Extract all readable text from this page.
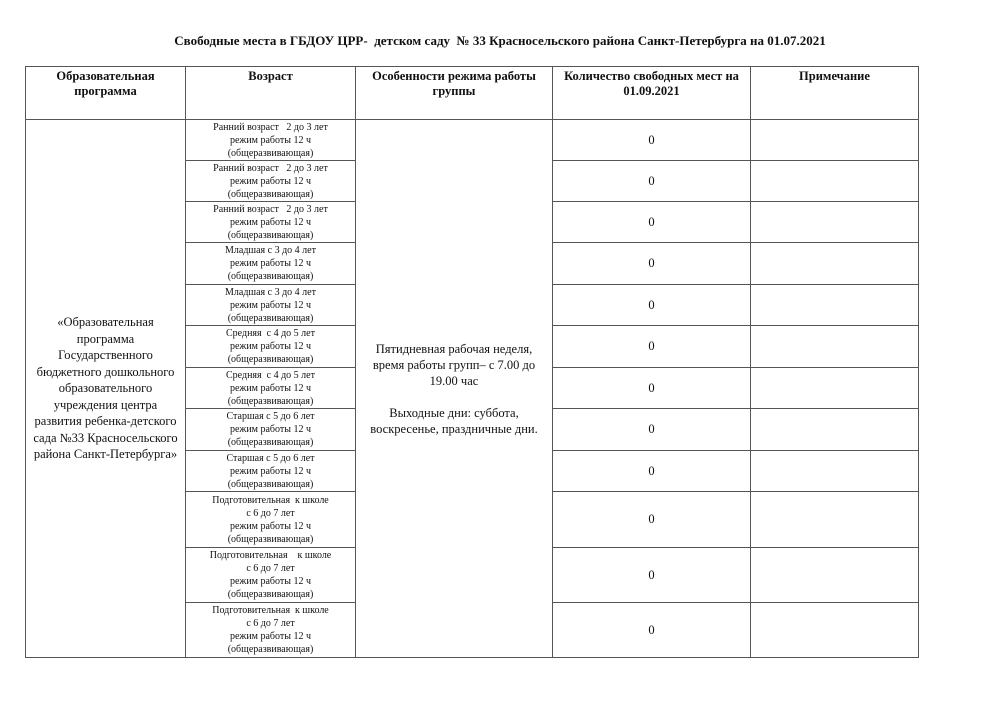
Свободные места в ГБДОУ ЦРР-  детском саду  № 33 Красносельского района Санкт-Петербурга на 01.07.2021
Образовательная программа	Возраст	Особенности режима работы группы	Количество свободных мест на 01.09.2021	Примечание
«Образовательная программа Государственного бюджетного дошкольного образовательного учреждения центра развития ребенка-детского сада №33 Красносельского района Санкт-Петербурга»	Ранний возраст   2 до 3 лет
режим работы 12 ч
(общеразвивающая)	Пятидневная рабочая неделя, время работы групп– с 7.00 до 19.00 час
Выходные дни: суббота, воскресенье, праздничные дни.	0	
	Ранний возраст   2 до 3 лет
режим работы 12 ч
(общеразвивающая)		0	
	Ранний возраст   2 до 3 лет
режим работы 12 ч
(общеразвивающая)		0	
	Младшая с 3 до 4 лет
режим работы 12 ч
(общеразвивающая)		0	
	Младшая с 3 до 4 лет
режим работы 12 ч
(общеразвивающая)		0	
	Средняя  с 4 до 5 лет
режим работы 12 ч
(общеразвивающая)		0	
	Средняя  с 4 до 5 лет
режим работы 12 ч
(общеразвивающая)		0	
	Старшая с 5 до 6 лет
режим работы 12 ч
(общеразвивающая)		0	
	Старшая с 5 до 6 лет
режим работы 12 ч
(общеразвивающая)		0	
	Подготовительная  к школе
с 6 до 7 лет
режим работы 12 ч
(общеразвивающая)		0	
	Подготовительная    к школе
с 6 до 7 лет
режим работы 12 ч
(общеразвивающая)		0	
	Подготовительная  к школе
с 6 до 7 лет
режим работы 12 ч
(общеразвивающая)		0	
